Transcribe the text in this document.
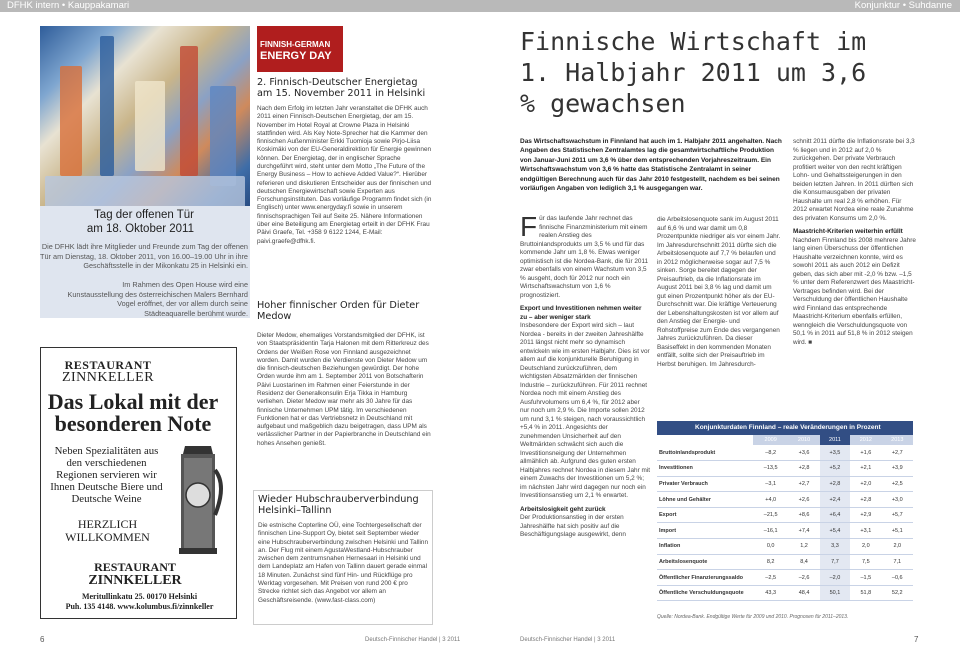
DFHK intern • Kauppakamari	Konjunktur • Suhdanne
Tag der offenen Tür
am 18. Oktober 2011
Die DFHK lädt ihre Mitglieder und Freunde zum Tag der offenen Tür am Dienstag, 18. Oktober 2011, von 16.00–19.00 Uhr in ihre Geschäftsstelle in der Mikonkatu 25 in Helsinki ein.
Im Rahmen des Open House wird eine Kunstausstellung des österreichischen Malers Bernhard Vogel eröffnet, der vor allem durch seine Städteaquarelle berühmt wurde.
RESTAURANT
ZINNKELLER
Das Lokal mit der besonderen Note
Neben Spezialitäten aus den verschiedenen Regionen servieren wir Ihnen Deutsche Biere und Deutsche Weine
HERZLICH WILLKOMMEN
RESTAURANT
ZINNKELLER
Meritullinkatu 25. 00170 Helsinki
Puh. 135 4148. www.kolumbus.fi/zinnkeller
FINNISH-GERMAN
ENERGY DAY
2. Finnisch-Deutscher Energietag am 15. November 2011 in Helsinki

Nach dem Erfolg im letzten Jahr veranstaltet die DFHK auch 2011 einen Finnisch-Deutschen Energietag, der am 15. November im Hotel Royal at Crowne Plaza in Helsinki stattfinden wird. Als Key Note-Sprecher hat die Kammer den finnischen Außenminister Erkki Tuomioja sowie Pirjo-Liisa Koskimäki von der EU-Generaldirektion für Energie gewinnen können. Der Energietag, der in englischer Sprache durchgeführt wird, steht unter dem Motto „The Future of the Energy Business – How to achieve Added Value?“. Hierüber referieren und diskutieren Entscheider aus der finnischen und deutschen Energiewirtschaft sowie Experten aus Forschungsinstituten. Das vorläufige Programm findet sich (in Englisch) unter www.energyday.fi sowie in unserem finnischsprachigen Teil auf Seite 25. Nähere Informationen über eine Beteiligung am Energietag erteilt in der DFHK Frau Päivi Graefe, Tel. +358 9 6122 1244, E-Mail: paivi.graefe@dfhk.fi.

Hoher finnischer Orden für Dieter Medow

Dieter Medow, ehemaliges Vorstandsmitglied der DFHK, ist von Staatspräsidentin Tarja Halonen mit dem Ritterkreuz des Ordens der Weißen Rose von Finnland ausgezeichnet worden. Damit wurden die Verdienste von Dieter Medow um die finnisch-deutschen Beziehungen gewürdigt. Der hohe Orden wurde ihm am 1. September 2011 von Botschafterin Päivi Luostarinen im Rahmen einer Feierstunde in der Residenz der Generalkonsulin Erja Tikka in Hamburg verliehen. Dieter Medow war mehr als 30 Jahre für das finnische Unternehmen UPM tätig. Im verschiedenen Funktionen hat er das Vertriebsnetz in Deutschland mit aufgebaut und maßgeblich dazu beigetragen, dass UPM als verlässlicher Partner in der Papierbranche in Deutschland ein hohes Ansehen genießt.

Wieder Hubschrauberverbindung Helsinki–Tallinn

Die estnische Copterline OÜ, eine Tochtergesellschaft der finnischen Line-Support Oy, bietet seit September wieder eine Hubschrauberverbindung zwischen Helsinki und Tallinn an. Der Flug mit einem AgustaWestland-Hubschrauber zwischen dem zentrumsnahen Hernesaari in Helsinki und dem Landeplatz am Hafen von Tallinn dauert gerade einmal 18 Minuten. Zunächst sind fünf Hin- und Rückflüge pro Werktag vorgesehen. Mit Preisen von rund 200 € pro Strecke richtet sich das Angebot vor allem an Geschäftsreisende. (www.fast-class.com)

Finnische Wirtschaft im 1. Halbjahr 2011 um 3,6 % gewachsen
Das Wirtschaftswachstum in Finnland hat auch im 1. Halbjahr 2011 angehalten. Nach Angaben des Statistischen Zentralamtes lag die gesamtwirtschaftliche Produktion von Januar-Juni 2011 um 3,6 % über dem entsprechenden Vorjahreszeitraum. Ein Wirtschaftswachstum von 3,6 % hatte das Statistische Zentralamt in seiner endgültigen Berechnung auch für das Jahr 2010 festgestellt, nachdem es bei seinen vorläufigen Angaben von lediglich 3,1 % ausgegangen war.
Für das laufende Jahr rechnet das finnische Finanzministerium mit einem realen Anstieg des Bruttoinlandsprodukts um 3,5 % und für das kommende Jahr um 1,8 %. Etwas weniger optimistisch ist die Nordea-Bank, die für 2011 zwar ebenfalls von einem Wachstum von 3,5 % ausgeht, doch für 2012 nur noch ein Wirtschaftswachstum von 1,6 % prognostiziert.
Export und Investitionen nehmen weiter zu – aber weniger stark
Insbesondere der Export wird sich – laut Nordea - bereits in der zweiten Jahreshälfte 2011 längst nicht mehr so dynamisch entwickeln wie im ersten Halbjahr. Dies ist vor allem auf die konjunkturelle Beruhigung in Deutschland zurückzuführen, dem wichtigsten Absatzmärkten der finnischen Industrie – zurückzuführen. Für 2011 rechnet Nordea noch mit einem Anstieg des Ausfuhrvolumens um 6,4 %, für 2012 aber nur noch um 2,9 %. Die Importe sollen 2012 um rund 3,1 % steigen, nach voraussichtlich +5,4 % in 2011. Angesichts der zunehmenden Unsicherheit auf den Weltmärkten schwächt sich auch die Investitionsneigung der Unternehmen allmählich ab. Aufgrund des guten ersten Halbjahres rechnet Nordea in diesem Jahr mit einem Zuwachs der Investitionen um 5,2 %; im nächsten Jahr wird dagegen nur noch ein Investitionsanstieg um 2,1 % erwartet.
Arbeitslosigkeit geht zurück
Der Produktionsanstieg in der ersten Jahreshälfte hat sich positiv auf die Beschäftigungslage ausgewirkt, denn
die Arbeitslosenquote sank im August 2011 auf 6,6 % und war damit um 0,8 Prozentpunkte niedriger als vor einem Jahr. Im Jahresdurchschnitt 2011 dürfte sich die Arbeitslosenquote auf 7,7 % belaufen und in 2012 möglicherweise sogar auf 7,5 % sinken. Sorge bereitet dagegen der Preisauftrieb, da die Inflationsrate im August 2011 bei 3,8 % lag und damit um gut einen Prozentpunkt höher als der EU-Durchschnitt war. Die kräftige Verteuerung der Lebenshaltungskosten ist vor allem auf den Anstieg der Energie- und Rohstoffpreise zum Ende des vergangenen Jahres zurückzuführen. Da dieser Basiseffekt in den kommenden Monaten entfällt, sollte sich der Preisauftrieb im Herbst beruhigen. Im Jahresdurch-
schnitt 2011 dürfte die Inflationsrate bei 3,3 % liegen und in 2012 auf 2,0 % zurückgehen. Der private Verbrauch profitiert weiter von den recht kräftigen Lohn- und Gehaltssteigerungen in den beiden letzten Jahren. In 2011 dürften sich die Konsumausgaben der privaten Haushalte um real 2,8 % erhöhen. Für 2012 erwartet Nordea eine reale Zunahme des privaten Konsums um 2,0 %.
Maastricht-Kriterien weiterhin erfüllt
Nachdem Finnland bis 2008 mehrere Jahre lang einen Überschuss der öffentlichen Haushalte verzeichnen konnte, wird es sowohl 2011 als auch 2012 ein Defizit geben, das sich aber mit -2,0 % bzw. –1,5 % unter dem Referenzwert des Maastricht-Vertrages befinden wird. Bei der Verschuldung der öffentlichen Haushalte wird Finnland das entsprechende Maastricht-Kriterium ebenfalls erfüllen, wenngleich die Verschuldungsquote von 50,1 % in 2011 auf 51,8 % in 2012 steigen wird. ■
Konjunkturdaten Finnland – reale Veränderungen in Prozent
	2009	2010	2011	2012	2013
Bruttoinlandsprodukt	–8,2	+3,6	+3,5	+1,6	+2,7
Investitionen	–13,5	+2,8	+5,2	+2,1	+3,9
Privater Verbrauch	–3,1	+2,7	+2,8	+2,0	+2,5
Löhne und Gehälter	+4,0	+2,6	+2,4	+2,8	+3,0
Export	–21,5	+8,6	+6,4	+2,9	+5,7
Import	–16,1	+7,4	+5,4	+3,1	+5,1
Inflation	0,0	1,2	3,3	2,0	2,0
Arbeitslosenquote	8,2	8,4	7,7	7,5	7,1
Öffentlicher Finanzierungssaldo	–2,5	–2,6	–2,0	–1,5	–0,6
Öffentliche Verschuldungsquote	43,3	48,4	50,1	51,8	52,2
Quelle: Nordea-Bank. Endgültige Werte für 2009 und 2010. Prognosen für 2011–2013.
6	Deutsch-Finnischer Handel | 3 2011	Deutsch-Finnischer Handel | 3 2011	7
